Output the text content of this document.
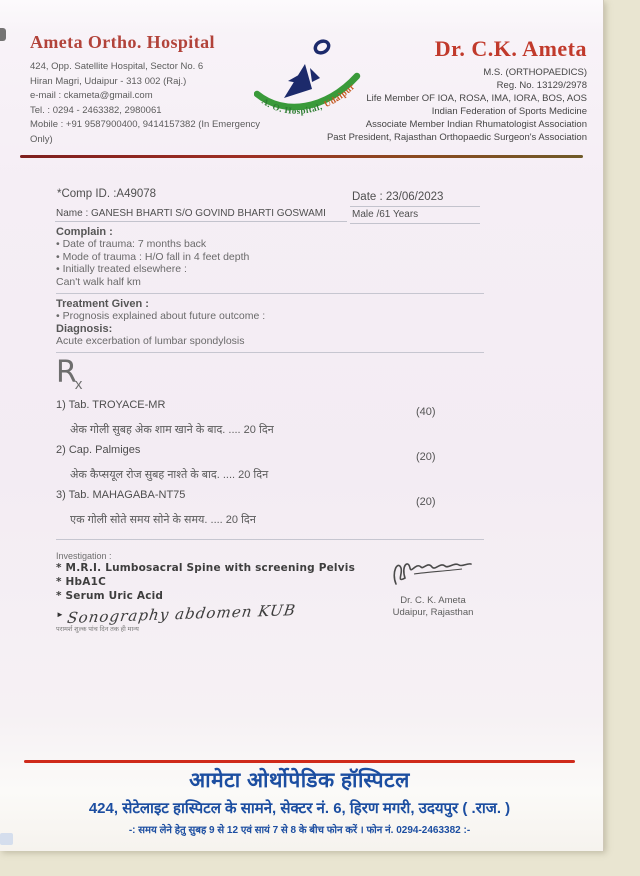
Ameta Ortho. Hospital
424, Opp. Satellite Hospital, Sector No. 6
Hiran Magri, Udaipur - 313 002 (Raj.)
e-mail : ckameta@gmail.com
Tel. : 0294 - 2463382, 2980061
Mobile : +91 9587900400, 9414157382 (In Emergency Only)
A. O. Hospital, Udaipur
Dr. C.K. Ameta
M.S. (ORTHOPAEDICS)
Reg. No. 13129/2978
Life Member OF IOA, ROSA, IMA, IORA, BOS, AOS
Indian Federation of Sports Medicine
Associate Member Indian Rhumatologist Association
Past President, Rajasthan Orthopaedic Surgeon's Association
*Comp ID. :A49078	Date : 23/06/2023
Name : GANESH BHARTI S/O GOVIND BHARTI GOSWAMI	Male /61 Years
Complain :
• Date of trauma: 7 months back
• Mode of trauma : H/O fall in 4 feet depth
• Initially treated elsewhere :
Can't walk half km
Treatment Given :
• Prognosis explained about future outcome :
Diagnosis:
Acute excerbation of lumbar spondylosis
Rx
1) Tab. TROYACE-MR
(40)
अेक गोली सुबह अेक शाम खाने के बाद. .... 20 दिन
2) Cap. Palmiges
(20)
अेक कैप्सयूल रोज सुबह नाश्ते के बाद. .... 20 दिन
3) Tab. MAHAGABA-NT75
(20)
एक गोली सोते समय सोने के समय. .... 20 दिन
Investigation :
* M.R.I. Lumbosacral Spine with screening Pelvis
* HbA1C
* Serum Uric Acid
► Sonography abdomen KUB
परामर्श शुल्क पांच दिन तक ही मान्य
Dr. C. K. Ameta
Udaipur, Rajasthan
आमेटा ओर्थोपेडिक हॉस्पिटल
424, सेटेलाइट हास्पिटल के सामने, सेक्टर नं. 6, हिरण मगरी, उदयपुर ( .राज. )
-: समय लेने हेतु सुबह 9 से 12 एवं सायं 7 से 8 के बीच फोन करें । फोन नं. 0294-2463382 :-
